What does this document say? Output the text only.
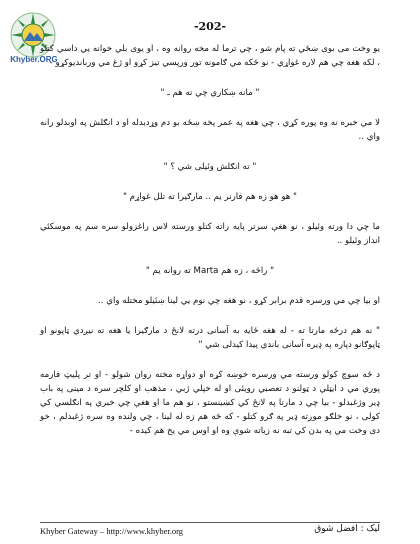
Khyber.ORG
-202-

یو وخت می بوی ښځي ته پام شو ، چي ترما له مخه روانه وه ، او یوی بلي خوانه یي داسي کتلو ، لکه هغه چي هم لاره غواړي - نو ځکه مي ګامونه تور ورپسي تیز کړو او ژغ مي وربانديوکړو -

" مانه ښکاري چي ته هم ـ "

لا مي خبره نه وه پوره کړي ، چي هغه په عمر پخه ښځه بو دم وړدبدله او د انګلش په اوبدلو رانه واي ..

" ته انګلش وئیلی شي ؟ "

" هو هو زه هم فارنر یم .. مارګیرا ته تلل غواړم "

ما چي دا ورته وئیلو ، نو هغې سرتر پایه راته کتلو ورسته لاس راغزولو سره سم په موسکئي انداز وئیلو ..

" راځه ، زه هم Marta ته روانه یم "

او بیا چي مي ورسره قدم برابر کړو ، نو هغه چي نوم یي لینا ښئیلو مختله واي ..

" نه هم درځه مارتا ته - له هغه ځایه به آسانی درته لانځ د مارګیرا یا هغه ته نیږدي ټاپونو او ټاپوګانو دپاره په ډیره آسانی باندي پیدا کیدلی شي "

د ځه سوچ کولو ورسته مي ورسره خوښه کړه او دواړه مخته روان شولو - او تر پلیټ فارمه پوري مي د ایټلي د ټولنو د تعصبي رویئی او له خپلي ژبي ، مذهب او کلچر سره د مینی په باب ډیر وژغبدلو - بیا چي د مارتا په لانځ کي کښینستو ، نو هم ما او هغې چي خبري په انګلسي کي کولی ، نو خلګو موږته ډیر په ګرو کتلو - که څه هم زه له لینا ، چي ولنده وه سره ژغبدلم ، خو دی وخت مي په بدن کي تبه نه زیاته شوې وه او اوس مي یخ هم کیده -

Khyber Gateway – http://www.khyber.org	لیک : افضل شوق
